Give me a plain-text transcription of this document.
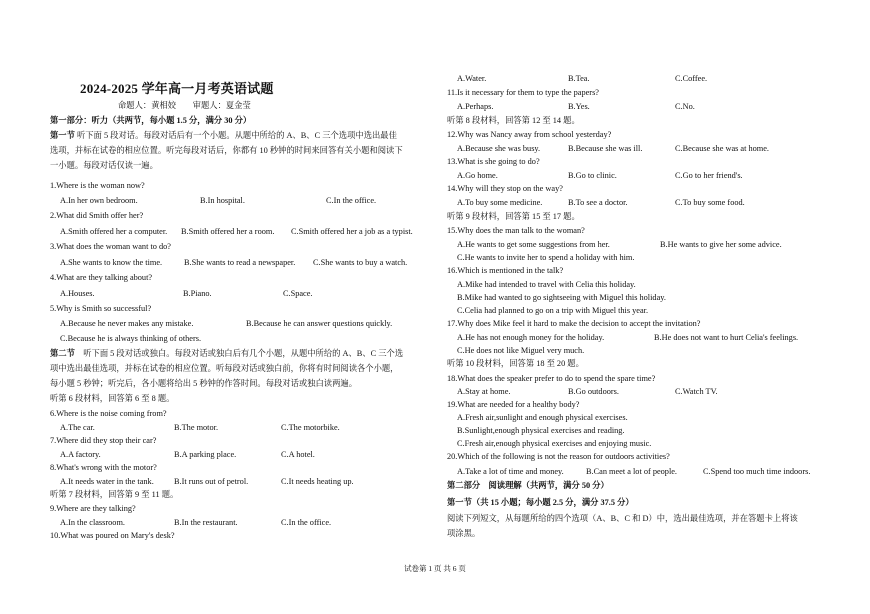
2024-2025 学年高一月考英语试题
命题人：黄相姣　　审题人：夏金莹
第一部分：听力（共两节，每小题 1.5 分，满分 30 分）
第一节 听下面 5 段对话。每段对话后有一个小题。从题中所给的 A、B、C 三个选项中选出最佳
选项，并标在试卷的相应位置。听完每段对话后，你都有 10 秒钟的时间来回答有关小题和阅读下
一小题。每段对话仅读一遍。
1.Where is the woman now?
A.In her own bedroom.	B.In hospital.	C.In the office.
2.What did Smith offer her?
A.Smith offered her a computer. B.Smith offered her a room. C.Smith offered her a job as a typist.
3.What does the woman want to do?
A.She wants to know the time.	B.She wants to read a newspaper. C.She wants to buy a watch.
4.What are they talking about?
A.Houses.	B.Piano.	C.Space.
5.Why is Smith so successful?
A.Because he never makes any mistake.	B.Because he can answer questions quickly.
C.Because he is always thinking of others.
第二节　 听下面 5 段对话或独白。每段对话或独白后有几个小题，从题中所给的 A、B、C 三个选
项中选出最佳选项，并标在试卷的相应位置。听每段对话或独白前，你将有时间阅读各个小题，
每小题 5 秒钟；听完后，各小题将给出 5 秒钟的作答时间。每段对话或独白读两遍。
听第 6 段材料，回答第 6 至 8 题。
6.Where is the noise coming from?
A.The car.	B.The motor.	C.The motorbike.
7.Where did they stop their car?
A.A factory.	B.A parking place.	C.A hotel.
8.What's wrong with the motor?
A.It needs water in the tank. B.It runs out of petrol.	C.It needs heating up.
听第 7 段材料，回答第 9 至 11 题。
9.Where are they talking?
A.In the classroom.	B.In the restaurant.	C.In the office.
10.What was poured on Mary's desk?
A.Water.	B.Tea.	C.Coffee.
11.Is it necessary for them to type the papers?
A.Perhaps.	B.Yes.	C.No.
听第 8 段材料，回答第 12 至 14 题。
12.Why was Nancy away from school yesterday?
A.Because she was busy.	B.Because she was ill.	C.Because she was at home.
13.What is she going to do?
A.Go home.	B.Go to clinic.	C.Go to her friend's.
14.Why will they stop on the way?
A.To buy some medicine.	B.To see a doctor.	C.To buy some food.
听第 9 段材料，回答第 15 至 17 题。
15.Why does the man talk to the woman?
A.He wants to get some suggestions from her.	B.He wants to give her some advice.
C.He wants to invite her to spend a holiday with him.
16.Which is mentioned in the talk?
A.Mike had intended to travel with Celia this holiday.
B.Mike had wanted to go sightseeing with Miguel this holiday.
C.Celia had planned to go on a trip with Miguel this year.
17.Why does Mike feel it hard to make the decision to accept the invitation?
A.He has not enough money for the holiday.	B.He does not want to hurt Celia's feelings.
C.He does not like Miguel very much.
听第 10 段材料，回答第 18 至 20 题。
18.What does the speaker prefer to do to spend the spare time?
A.Stay at home.	B.Go outdoors.	C.Watch TV.
19.What are needed for a healthy body?
A.Fresh air,sunlight and enough physical exercises.
B.Sunlight,enough physical exercises and reading.
C.Fresh air,enough physical exercises and enjoying music.
20.Which of the following is not the reason for outdoors activities?
A.Take a lot of time and money.	B.Can meet a lot of people.	C.Spend too much time indoors.
第二部分　阅读理解（共两节，满分 50 分）
第一节（共 15 小题；每小题 2.5 分，满分 37.5 分）
阅读下列短文，从每题所给的四个选项（A、B、C 和 D）中，选出最佳选项，并在答题卡上将该
项涂黑。
试卷第 1 页 共 6 页
